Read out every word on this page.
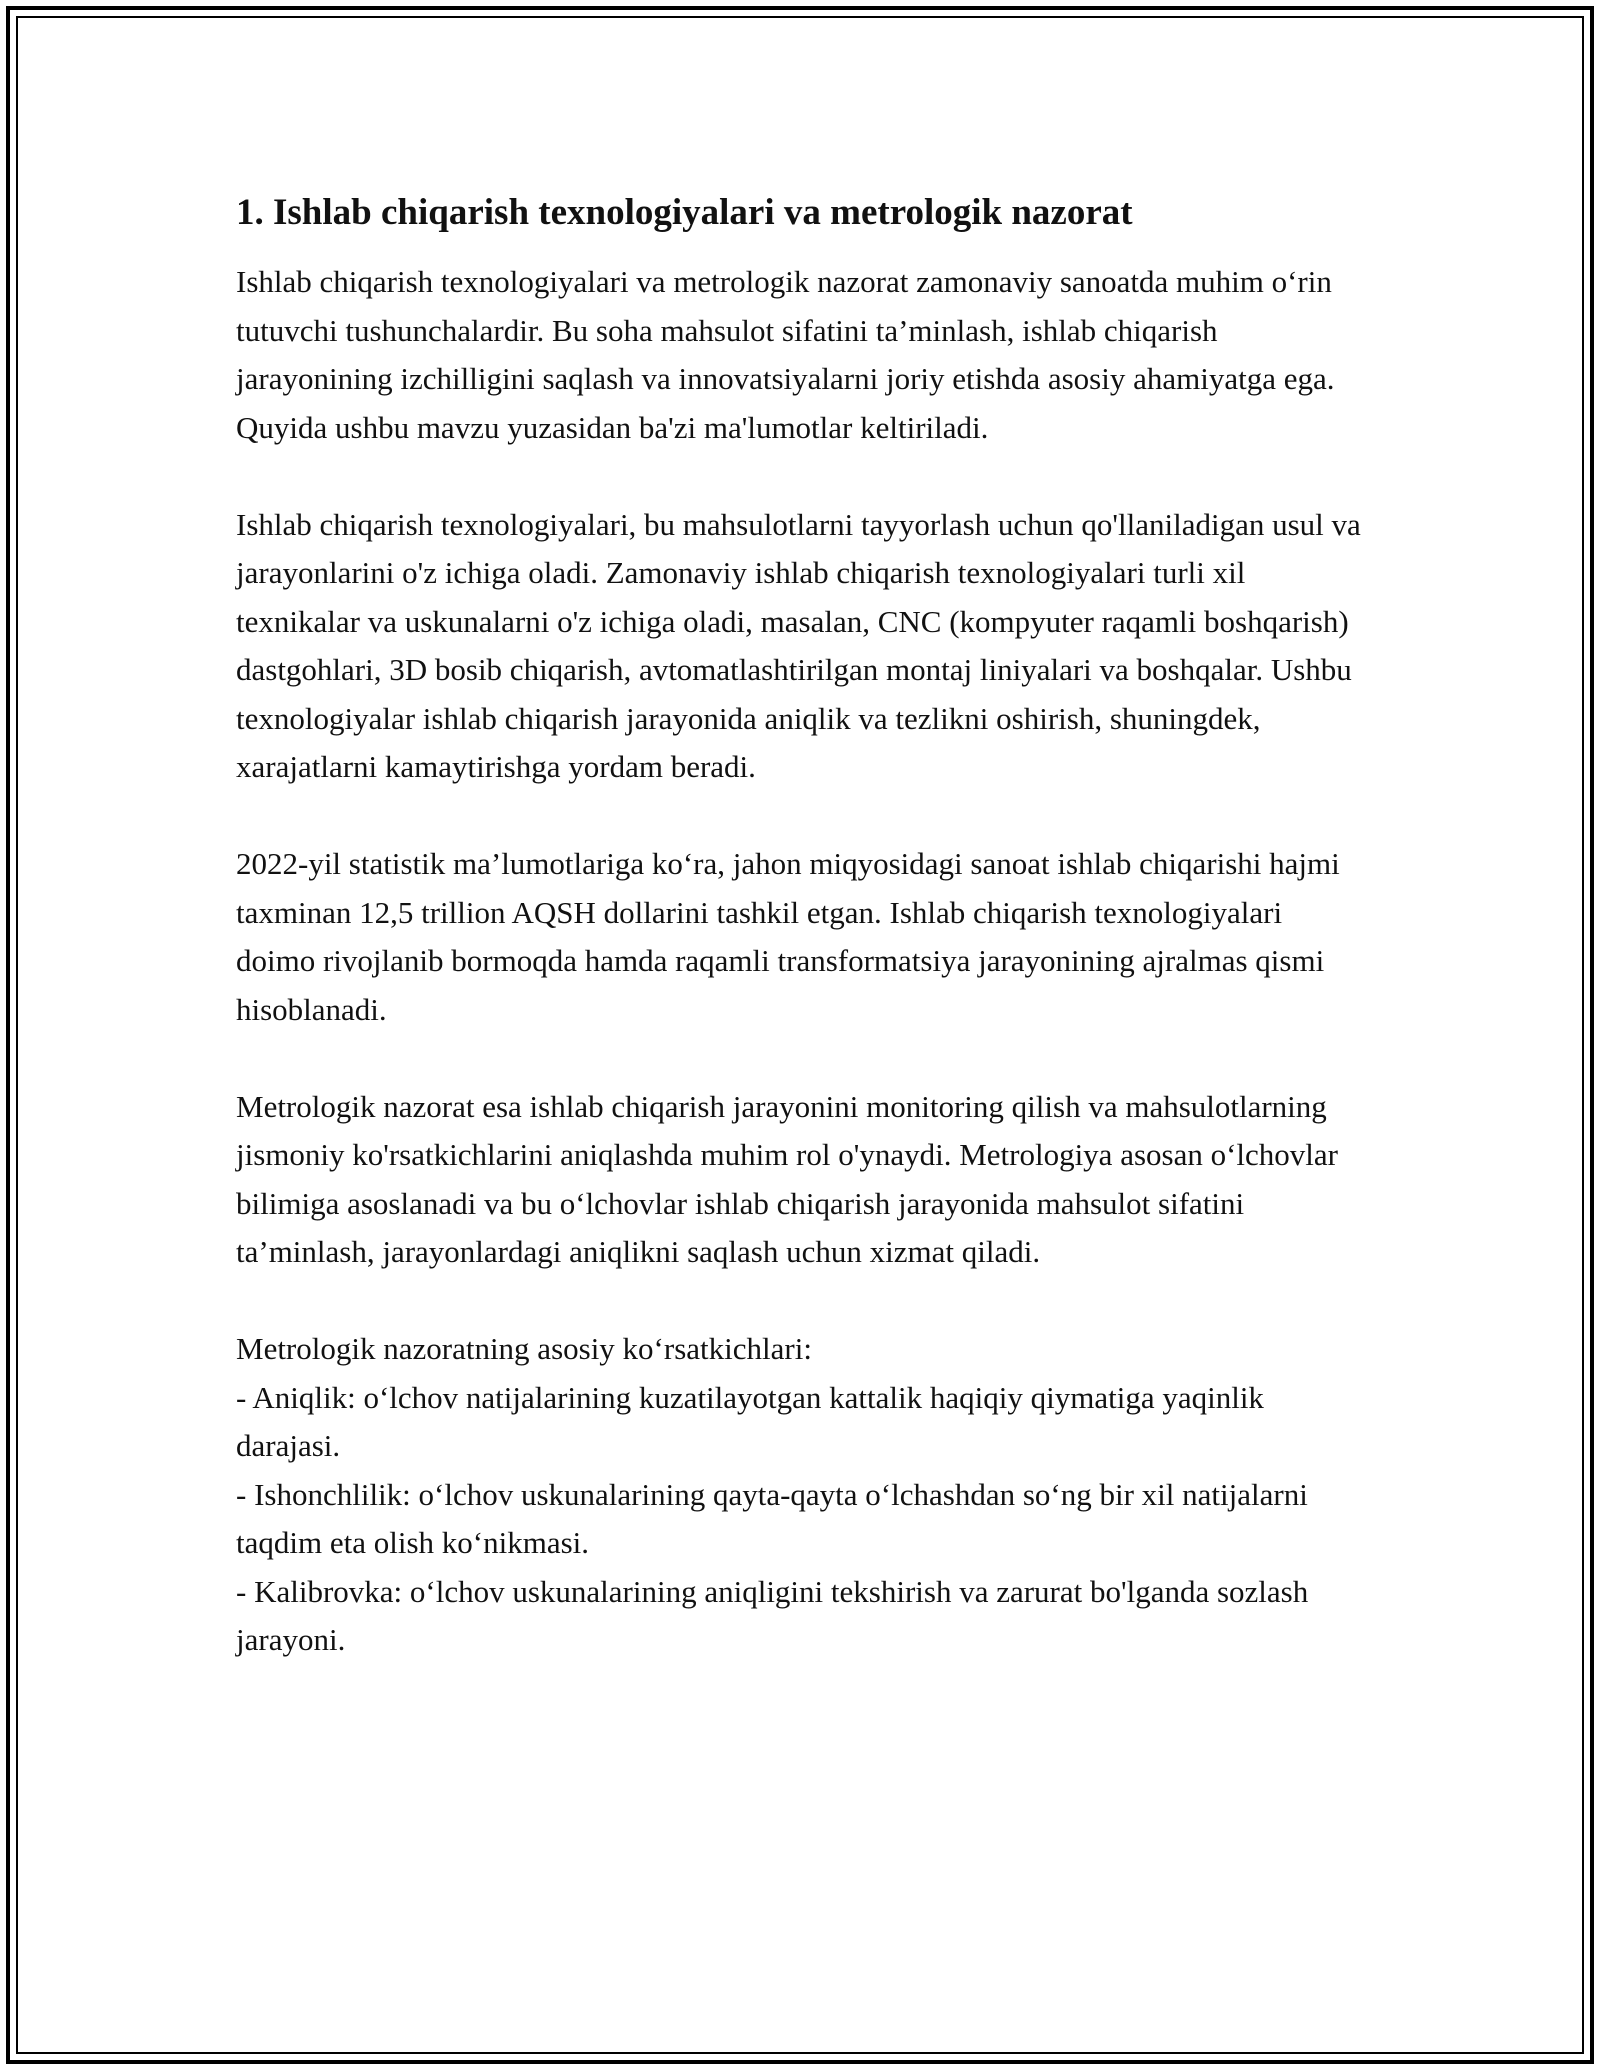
1. Ishlab chiqarish texnologiyalari va metrologik nazorat

Ishlab chiqarish texnologiyalari va metrologik nazorat zamonaviy sanoatda muhim o‘rin tutuvchi tushunchalardir. Bu soha mahsulot sifatini ta’minlash, ishlab chiqarish jarayonining izchilligini saqlash va innovatsiyalarni joriy etishda asosiy ahamiyatga ega. Quyida ushbu mavzu yuzasidan ba'zi ma'lumotlar keltiriladi.

Ishlab chiqarish texnologiyalari, bu mahsulotlarni tayyorlash uchun qo'llaniladigan usul va jarayonlarini o'z ichiga oladi. Zamonaviy ishlab chiqarish texnologiyalari turli xil texnikalar va uskunalarni o'z ichiga oladi, masalan, CNC (kompyuter raqamli boshqarish) dastgohlari, 3D bosib chiqarish, avtomatlashtirilgan montaj liniyalari va boshqalar. Ushbu texnologiyalar ishlab chiqarish jarayonida aniqlik va tezlikni oshirish, shuningdek, xarajatlarni kamaytirishga yordam beradi.

2022-yil statistik ma’lumotlariga ko‘ra, jahon miqyosidagi sanoat ishlab chiqarishi hajmi taxminan 12,5 trillion AQSH dollarini tashkil etgan. Ishlab chiqarish texnologiyalari doimo rivojlanib bormoqda hamda raqamli transformatsiya jarayonining ajralmas qismi hisoblanadi.

Metrologik nazorat esa ishlab chiqarish jarayonini monitoring qilish va mahsulotlarning jismoniy ko'rsatkichlarini aniqlashda muhim rol o'ynaydi. Metrologiya asosan o‘lchovlar bilimiga asoslanadi va bu o‘lchovlar ishlab chiqarish jarayonida mahsulot sifatini ta’minlash, jarayonlardagi aniqlikni saqlash uchun xizmat qiladi.

Metrologik nazoratning asosiy ko‘rsatkichlari:
- Aniqlik: o‘lchov natijalarining kuzatilayotgan kattalik haqiqiy qiymatiga yaqinlik darajasi.
- Ishonchlilik: o‘lchov uskunalarining qayta-qayta o‘lchashdan so‘ng bir xil natijalarni taqdim eta olish ko‘nikmasi.
- Kalibrovka: o‘lchov uskunalarining aniqligini tekshirish va zarurat bo'lganda sozlash jarayoni.
